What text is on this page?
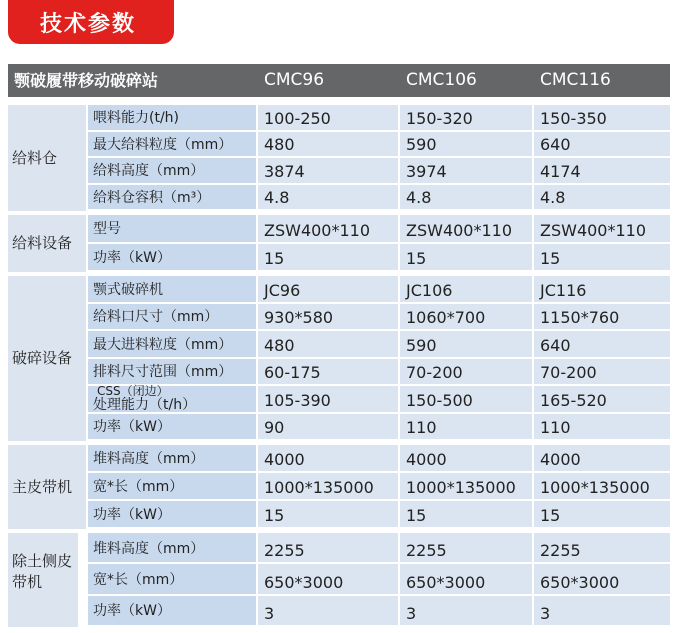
技术参数
颚破履带移动破碎站	CMC96	CMC106	CMC116
给料仓
喂料能力(t/h)	100-250	150-320	150-350
最大给料粒度（mm） 480	590	640
给料高度（mm）	3874	3974	4174
给料仓容积（m³）	4.8	4.8	4.8
给料设备
型号	ZSW400*110 ZSW400*110 ZSW400*110
功率（kW）	15	15	15
破碎设备
颚式破碎机	JC96	JC106	JC116
给料口尺寸（mm）	930*580	1060*700	1150*760
最大进料粒度（mm） 480	590	640
排料尺寸范围（mm） 60-175	70-200	70-200
CSS（闭边）
处理能力（t/h）	105-390	150-500	165-520
功率（kW）	90	110	110
主皮带机
堆料高度（mm）	4000	4000	4000
宽*长（mm）	1000*135000 1000*135000 1000*135000
功率（kW）	15	15	15
除土侧皮带机
堆料高度（mm）	2255	2255	2255
宽*长（mm）	650*3000	650*3000	650*3000
功率（kW）	3	3	3
